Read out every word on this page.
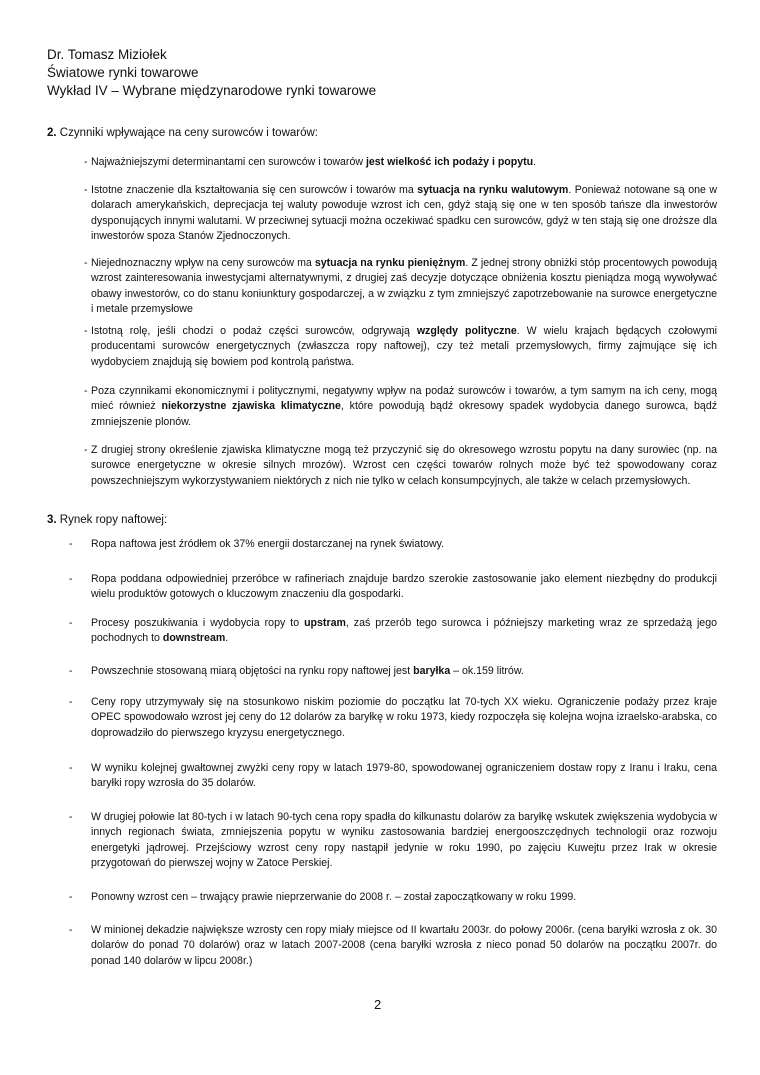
Dr. Tomasz Miziołek
Światowe rynki towarowe
Wykład IV – Wybrane międzynarodowe rynki towarowe
2. Czynniki wpływające na ceny surowców i towarów:
- Najważniejszymi determinantami cen surowców i towarów jest wielkość ich podaży i popytu.
- Istotne znaczenie dla kształtowania się cen surowców i towarów ma sytuacja na rynku walutowym. Ponieważ notowane są one w dolarach amerykańskich, deprecjacja tej waluty powoduje wzrost ich cen, gdyż stają się one w ten sposób tańsze dla inwestorów dysponujących innymi walutami. W przeciwnej sytuacji można oczekiwać spadku cen surowców, gdyż w ten stają się one droższe dla inwestorów spoza Stanów Zjednoczonych.
- Niejednoznaczny wpływ na ceny surowców ma sytuacja na rynku pieniężnym. Z jednej strony obniżki stóp procentowych powodują wzrost zainteresowania inwestycjami alternatywnymi, z drugiej zaś decyzje dotyczące obniżenia kosztu pieniądza mogą wywoływać obawy inwestorów, co do stanu koniunktury gospodarczej, a w związku z tym zmniejszyć zapotrzebowanie na surowce energetyczne i metale przemysłowe
- Istotną rolę, jeśli chodzi o podaż części surowców, odgrywają względy polityczne. W wielu krajach będących czołowymi producentami surowców energetycznych (zwłaszcza ropy naftowej), czy też metali przemysłowych, firmy zajmujące się ich wydobyciem znajdują się bowiem pod kontrolą państwa.
- Poza czynnikami ekonomicznymi i politycznymi, negatywny wpływ na podaż surowców i towarów, a tym samym na ich ceny, mogą mieć również niekorzystne zjawiska klimatyczne, które powodują bądź okresowy spadek wydobycia danego surowca, bądź zmniejszenie plonów.
- Z drugiej strony określenie zjawiska klimatyczne mogą też przyczynić się do okresowego wzrostu popytu na dany surowiec (np. na surowce energetyczne w okresie silnych mrozów). Wzrost cen części towarów rolnych może być też spowodowany coraz powszechniejszym wykorzystywaniem niektórych z nich nie tylko w celach konsumpcyjnych, ale także w celach przemysłowych.
3. Rynek ropy naftowej:
- Ropa naftowa jest źródłem ok 37% energii dostarczanej na rynek światowy.
- Ropa poddana odpowiedniej przeróbce w rafineriach znajduje bardzo szerokie zastosowanie jako element niezbędny do produkcji wielu produktów gotowych o kluczowym znaczeniu dla gospodarki.
- Procesy poszukiwania i wydobycia ropy to upstram, zaś przerób tego surowca i późniejszy marketing wraz ze sprzedażą jego pochodnych to downstream.
- Powszechnie stosowaną miarą objętości na rynku ropy naftowej jest baryłka – ok.159 litrów.
- Ceny ropy utrzymywały się na stosunkowo niskim poziomie do początku lat 70-tych XX wieku. Ograniczenie podaży przez kraje OPEC spowodowało wzrost jej ceny do 12 dolarów za baryłkę w roku 1973, kiedy rozpoczęła się kolejna wojna izraelsko-arabska, co doprowadziło do pierwszego kryzysu energetycznego.
- W wyniku kolejnej gwałtownej zwyżki ceny ropy w latach 1979-80, spowodowanej ograniczeniem dostaw ropy z Iranu i Iraku, cena baryłki ropy wzrosła do 35 dolarów.
- W drugiej połowie lat 80-tych i w latach 90-tych cena ropy spadła do kilkunastu dolarów za baryłkę wskutek zwiększenia wydobycia w innych regionach świata, zmniejszenia popytu w wyniku zastosowania bardziej energooszczędnych technologii oraz rozwoju energetyki jądrowej. Przejściowy wzrost ceny ropy nastąpił jedynie w roku 1990, po zajęciu Kuwejtu przez Irak w okresie przygotowań do pierwszej wojny w Zatoce Perskiej.
- Ponowny wzrost cen – trwający prawie nieprzerwanie do 2008 r. – został zapoczątkowany w roku 1999.
- W minionej dekadzie największe wzrosty cen ropy miały miejsce od II kwartału 2003r. do połowy 2006r. (cena baryłki wzrosła z ok. 30 dolarów do ponad 70 dolarów) oraz w latach 2007-2008 (cena baryłki wzrosła z nieco ponad 50 dolarów na początku 2007r. do ponad 140 dolarów w lipcu 2008r.)
2
